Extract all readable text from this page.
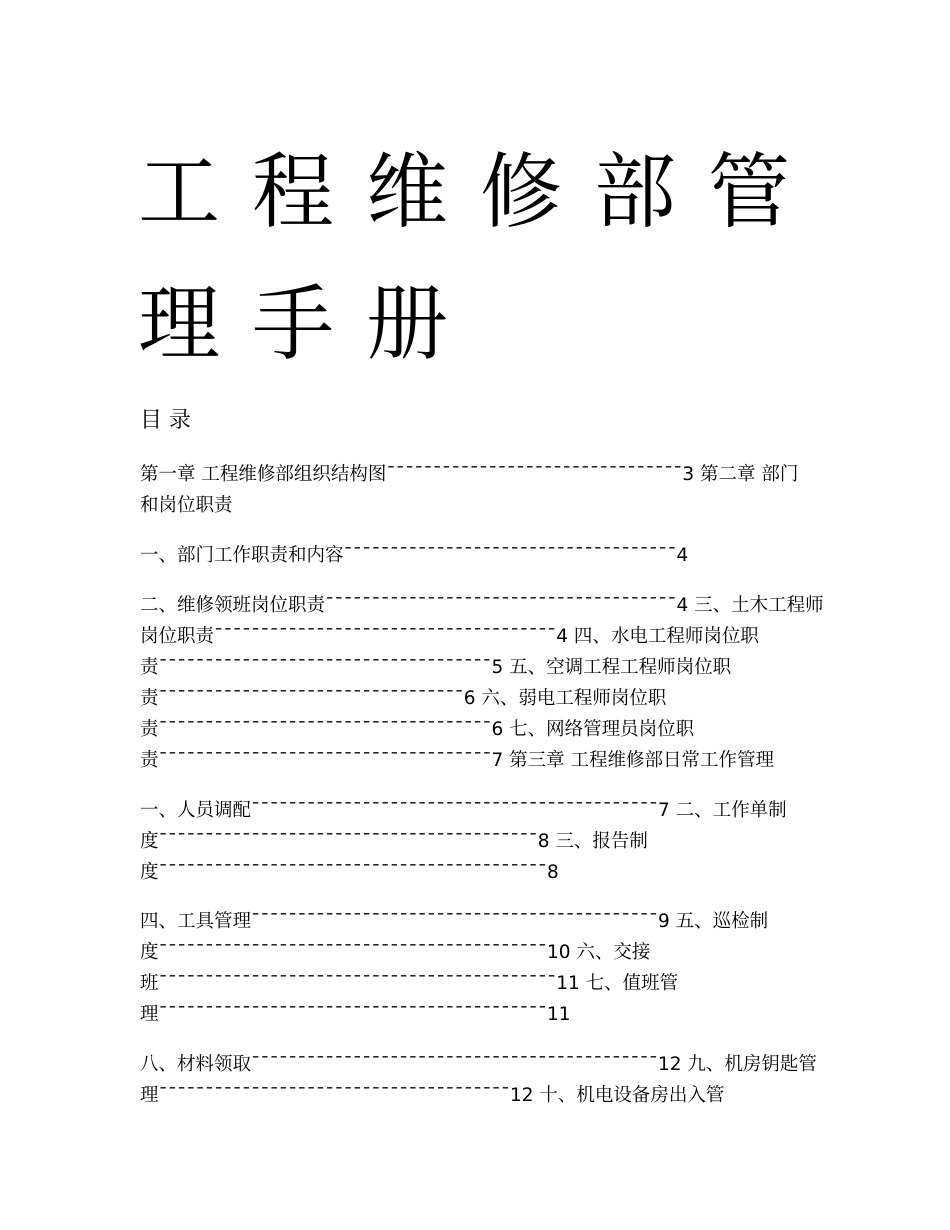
工 程 维 修 部 管
理 手 册
目 录
第一章 工程维修部组织结构图¯¯¯¯¯¯¯¯¯¯¯¯¯¯¯¯¯¯¯¯¯¯¯¯¯¯¯¯¯¯¯¯3 第二章 部门
和岗位职责
一、部门工作职责和内容¯¯¯¯¯¯¯¯¯¯¯¯¯¯¯¯¯¯¯¯¯¯¯¯¯¯¯¯¯¯¯¯¯¯¯¯4
二、维修领班岗位职责¯¯¯¯¯¯¯¯¯¯¯¯¯¯¯¯¯¯¯¯¯¯¯¯¯¯¯¯¯¯¯¯¯¯¯¯¯¯4 三、土木工程师
岗位职责¯¯¯¯¯¯¯¯¯¯¯¯¯¯¯¯¯¯¯¯¯¯¯¯¯¯¯¯¯¯¯¯¯¯¯¯¯4 四、水电工程师岗位职
责¯¯¯¯¯¯¯¯¯¯¯¯¯¯¯¯¯¯¯¯¯¯¯¯¯¯¯¯¯¯¯¯¯¯¯¯5 五、空调工程工程师岗位职
责¯¯¯¯¯¯¯¯¯¯¯¯¯¯¯¯¯¯¯¯¯¯¯¯¯¯¯¯¯¯¯¯¯6 六、弱电工程师岗位职
责¯¯¯¯¯¯¯¯¯¯¯¯¯¯¯¯¯¯¯¯¯¯¯¯¯¯¯¯¯¯¯¯¯¯¯¯6 七、网络管理员岗位职
责¯¯¯¯¯¯¯¯¯¯¯¯¯¯¯¯¯¯¯¯¯¯¯¯¯¯¯¯¯¯¯¯¯¯¯¯7 第三章 工程维修部日常工作管理
一、人员调配¯¯¯¯¯¯¯¯¯¯¯¯¯¯¯¯¯¯¯¯¯¯¯¯¯¯¯¯¯¯¯¯¯¯¯¯¯¯¯¯¯¯¯¯7 二、工作单制
度¯¯¯¯¯¯¯¯¯¯¯¯¯¯¯¯¯¯¯¯¯¯¯¯¯¯¯¯¯¯¯¯¯¯¯¯¯¯¯¯¯8 三、报告制
度¯¯¯¯¯¯¯¯¯¯¯¯¯¯¯¯¯¯¯¯¯¯¯¯¯¯¯¯¯¯¯¯¯¯¯¯¯¯¯¯¯¯8
四、工具管理¯¯¯¯¯¯¯¯¯¯¯¯¯¯¯¯¯¯¯¯¯¯¯¯¯¯¯¯¯¯¯¯¯¯¯¯¯¯¯¯¯¯¯¯9 五、巡检制
度¯¯¯¯¯¯¯¯¯¯¯¯¯¯¯¯¯¯¯¯¯¯¯¯¯¯¯¯¯¯¯¯¯¯¯¯¯¯¯¯¯¯10 六、交接
班¯¯¯¯¯¯¯¯¯¯¯¯¯¯¯¯¯¯¯¯¯¯¯¯¯¯¯¯¯¯¯¯¯¯¯¯¯¯¯¯¯¯¯11 七、值班管
理¯¯¯¯¯¯¯¯¯¯¯¯¯¯¯¯¯¯¯¯¯¯¯¯¯¯¯¯¯¯¯¯¯¯¯¯¯¯¯¯¯¯11
八、材料领取¯¯¯¯¯¯¯¯¯¯¯¯¯¯¯¯¯¯¯¯¯¯¯¯¯¯¯¯¯¯¯¯¯¯¯¯¯¯¯¯¯¯¯¯12 九、机房钥匙管
理¯¯¯¯¯¯¯¯¯¯¯¯¯¯¯¯¯¯¯¯¯¯¯¯¯¯¯¯¯¯¯¯¯¯¯¯¯¯12 十、机电设备房出入管
